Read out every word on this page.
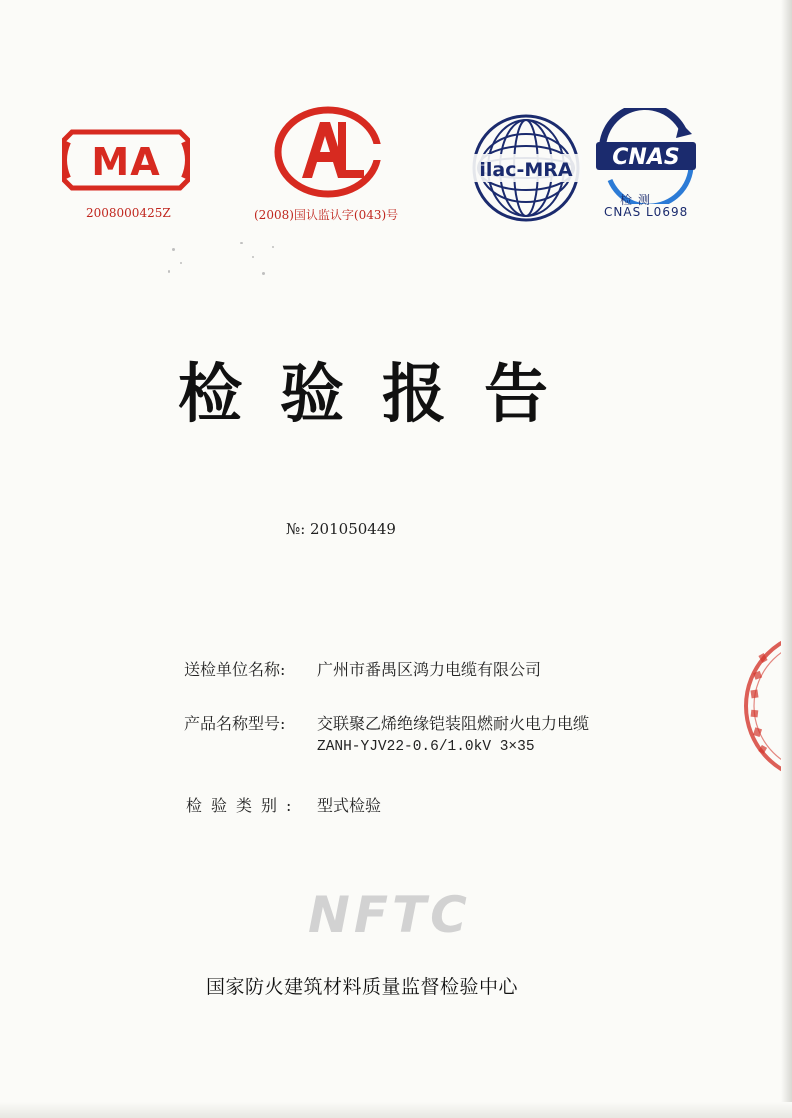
MA
2008000425Z	(2008)国认监认字(043)号
ilac-MRA CNAS
检 测
CNAS L0698
检验报告
№: 201050449
送检单位名称: 广州市番禺区鸿力电缆有限公司
产品名称型号: 交联聚乙烯绝缘铠装阻燃耐火电力电缆
ZANH-YJV22-0.6/1.0kV 3×35
检验类别: 型式检验
NFTC
国家防火建筑材料质量监督检验中心
